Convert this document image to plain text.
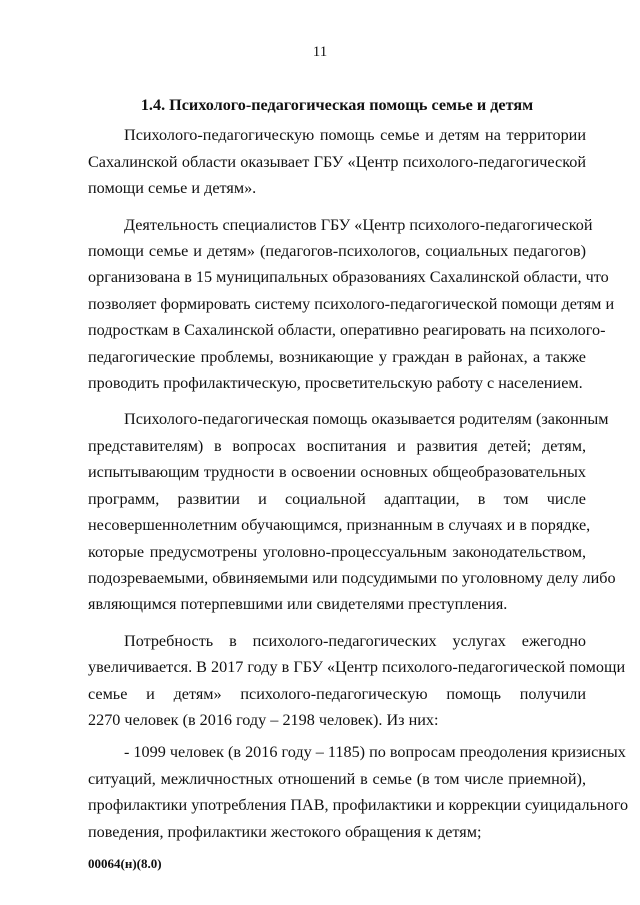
11
1.4. Психолого-педагогическая помощь семье и детям
Психолого-педагогическую помощь семье и детям на территории
Сахалинской области оказывает ГБУ «Центр психолого-педагогической
помощи семье и детям».
Деятельность специалистов ГБУ «Центр психолого-педагогической
помощи семье и детям» (педагогов-психологов, социальных педагогов)
организована в 15 муниципальных образованиях Сахалинской области, что
позволяет формировать систему психолого-педагогической помощи детям и
подросткам в Сахалинской области, оперативно реагировать на психолого-
педагогические проблемы, возникающие у граждан в районах, а также
проводить профилактическую, просветительскую работу с населением.
Психолого-педагогическая помощь оказывается родителям (законным
представителям) в вопросах воспитания и развития детей; детям,
испытывающим трудности в освоении основных общеобразовательных
программ, развитии и социальной адаптации, в том числе
несовершеннолетним обучающимся, признанным в случаях и в порядке,
которые предусмотрены уголовно-процессуальным законодательством,
подозреваемыми, обвиняемыми или подсудимыми по уголовному делу либо
являющимся потерпевшими или свидетелями преступления.
Потребность в психолого-педагогических услугах ежегодно
увеличивается. В 2017 году в ГБУ «Центр психолого-педагогической помощи
семье и детям» психолого-педагогическую помощь получили
2270 человек (в 2016 году – 2198 человек). Из них:
- 1099 человек (в 2016 году – 1185) по вопросам преодоления кризисных
ситуаций, межличностных отношений в семье (в том числе приемной),
профилактики употребления ПАВ, профилактики и коррекции суицидального
поведения, профилактики жестокого обращения к детям;
00064(н)(8.0)
